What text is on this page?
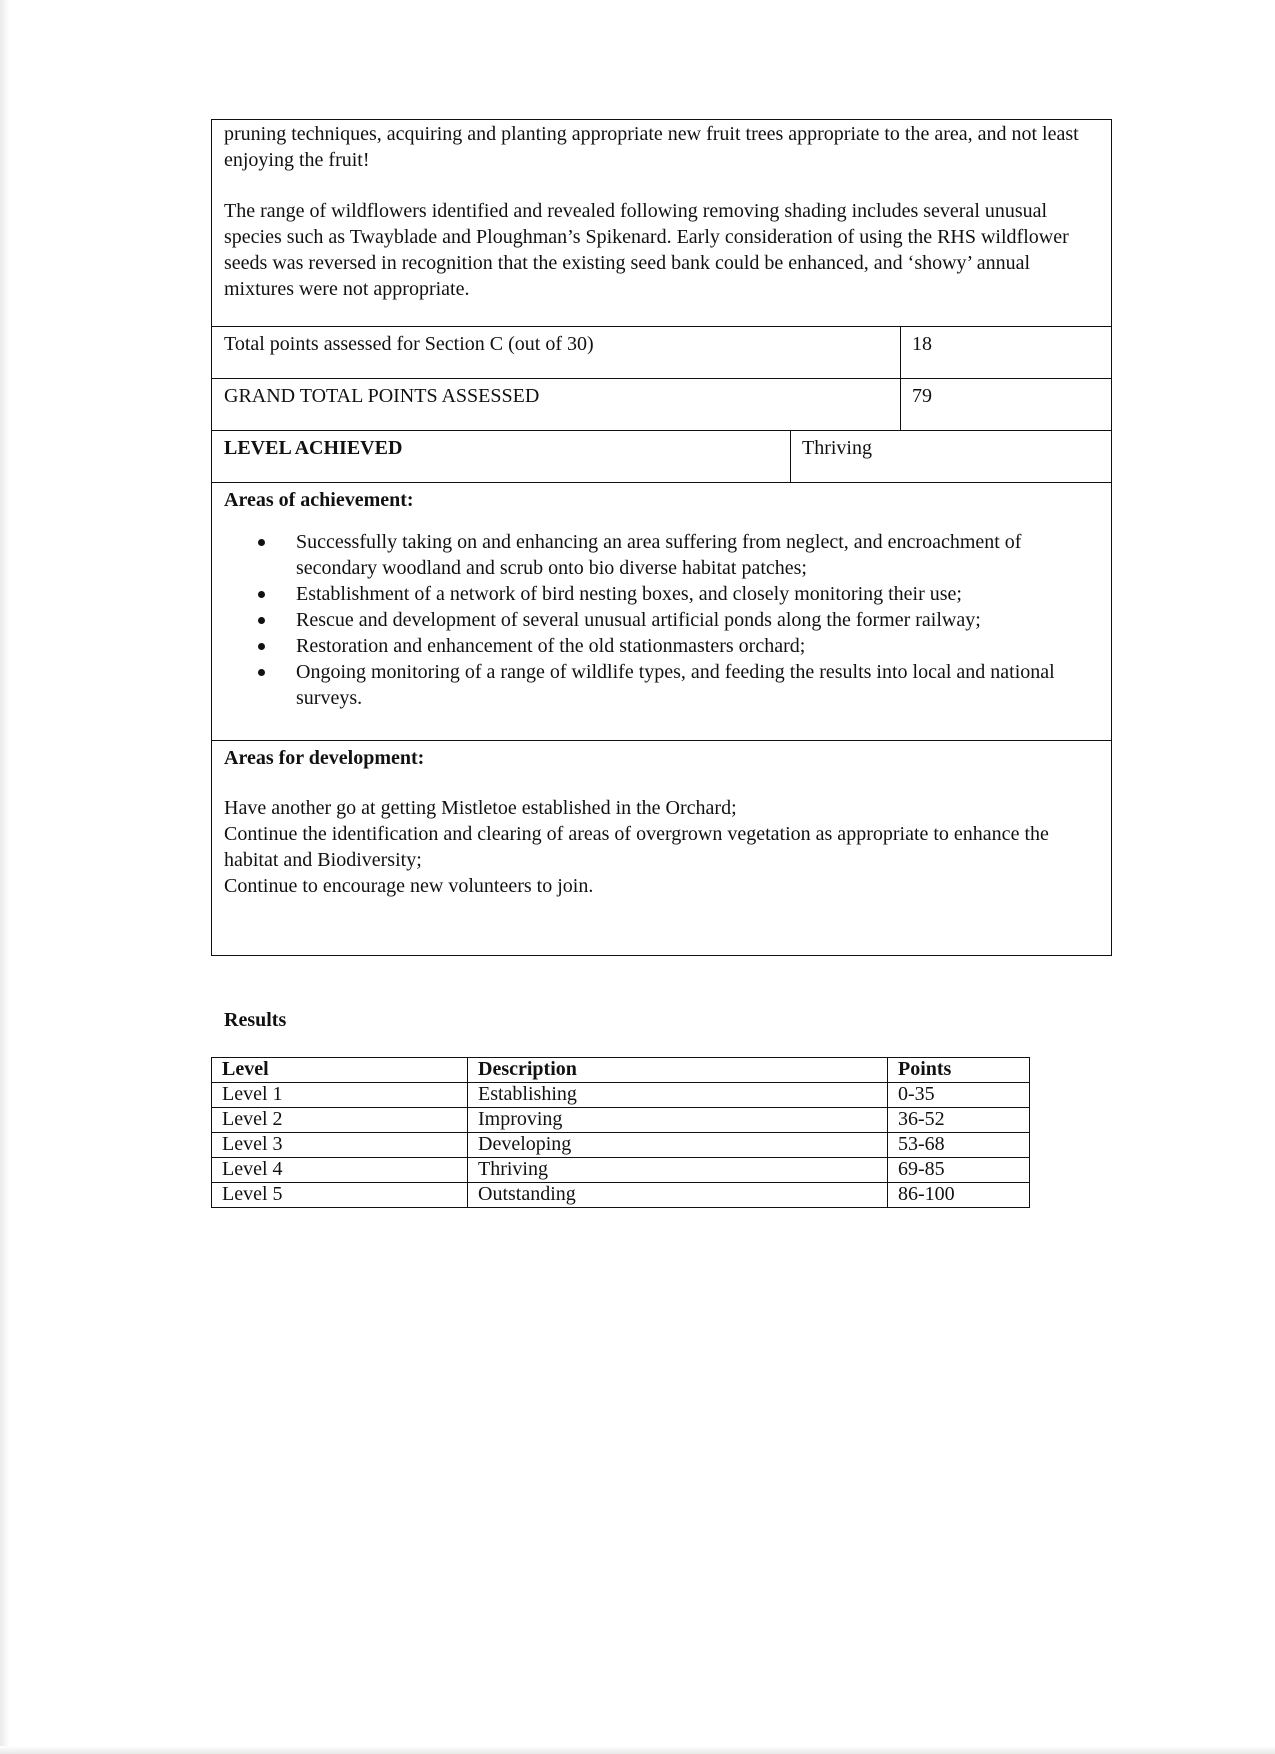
pruning techniques, acquiring and planting appropriate new fruit trees appropriate to the area, and not least enjoying the fruit!

The range of wildflowers identified and revealed following removing shading includes several unusual species such as Twayblade and Ploughman’s Spikenard. Early consideration of using the RHS wildflower seeds was reversed in recognition that the existing seed bank could be enhanced, and ‘showy’ annual mixtures were not appropriate.

Total points assessed for Section C (out of 30)	18
GRAND TOTAL POINTS ASSESSED	79
LEVEL ACHIEVED	Thriving
Areas of achievement:
Successfully taking on and enhancing an area suffering from neglect, and encroachment of secondary woodland and scrub onto bio diverse habitat patches;
Establishment of a network of bird nesting boxes, and closely monitoring their use;
Rescue and development of several unusual artificial ponds along the former railway;
Restoration and enhancement of the old stationmasters orchard;
Ongoing monitoring of a range of wildlife types, and feeding the results into local and national surveys.
Areas for development:
Have another go at getting Mistletoe established in the Orchard;
Continue the identification and clearing of areas of overgrown vegetation as appropriate to enhance the habitat and Biodiversity;
Continue to encourage new volunteers to join.
Results
Level	Description	Points
Level 1	Establishing	0-35
Level 2	Improving	36-52
Level 3	Developing	53-68
Level 4	Thriving	69-85
Level 5	Outstanding	86-100
